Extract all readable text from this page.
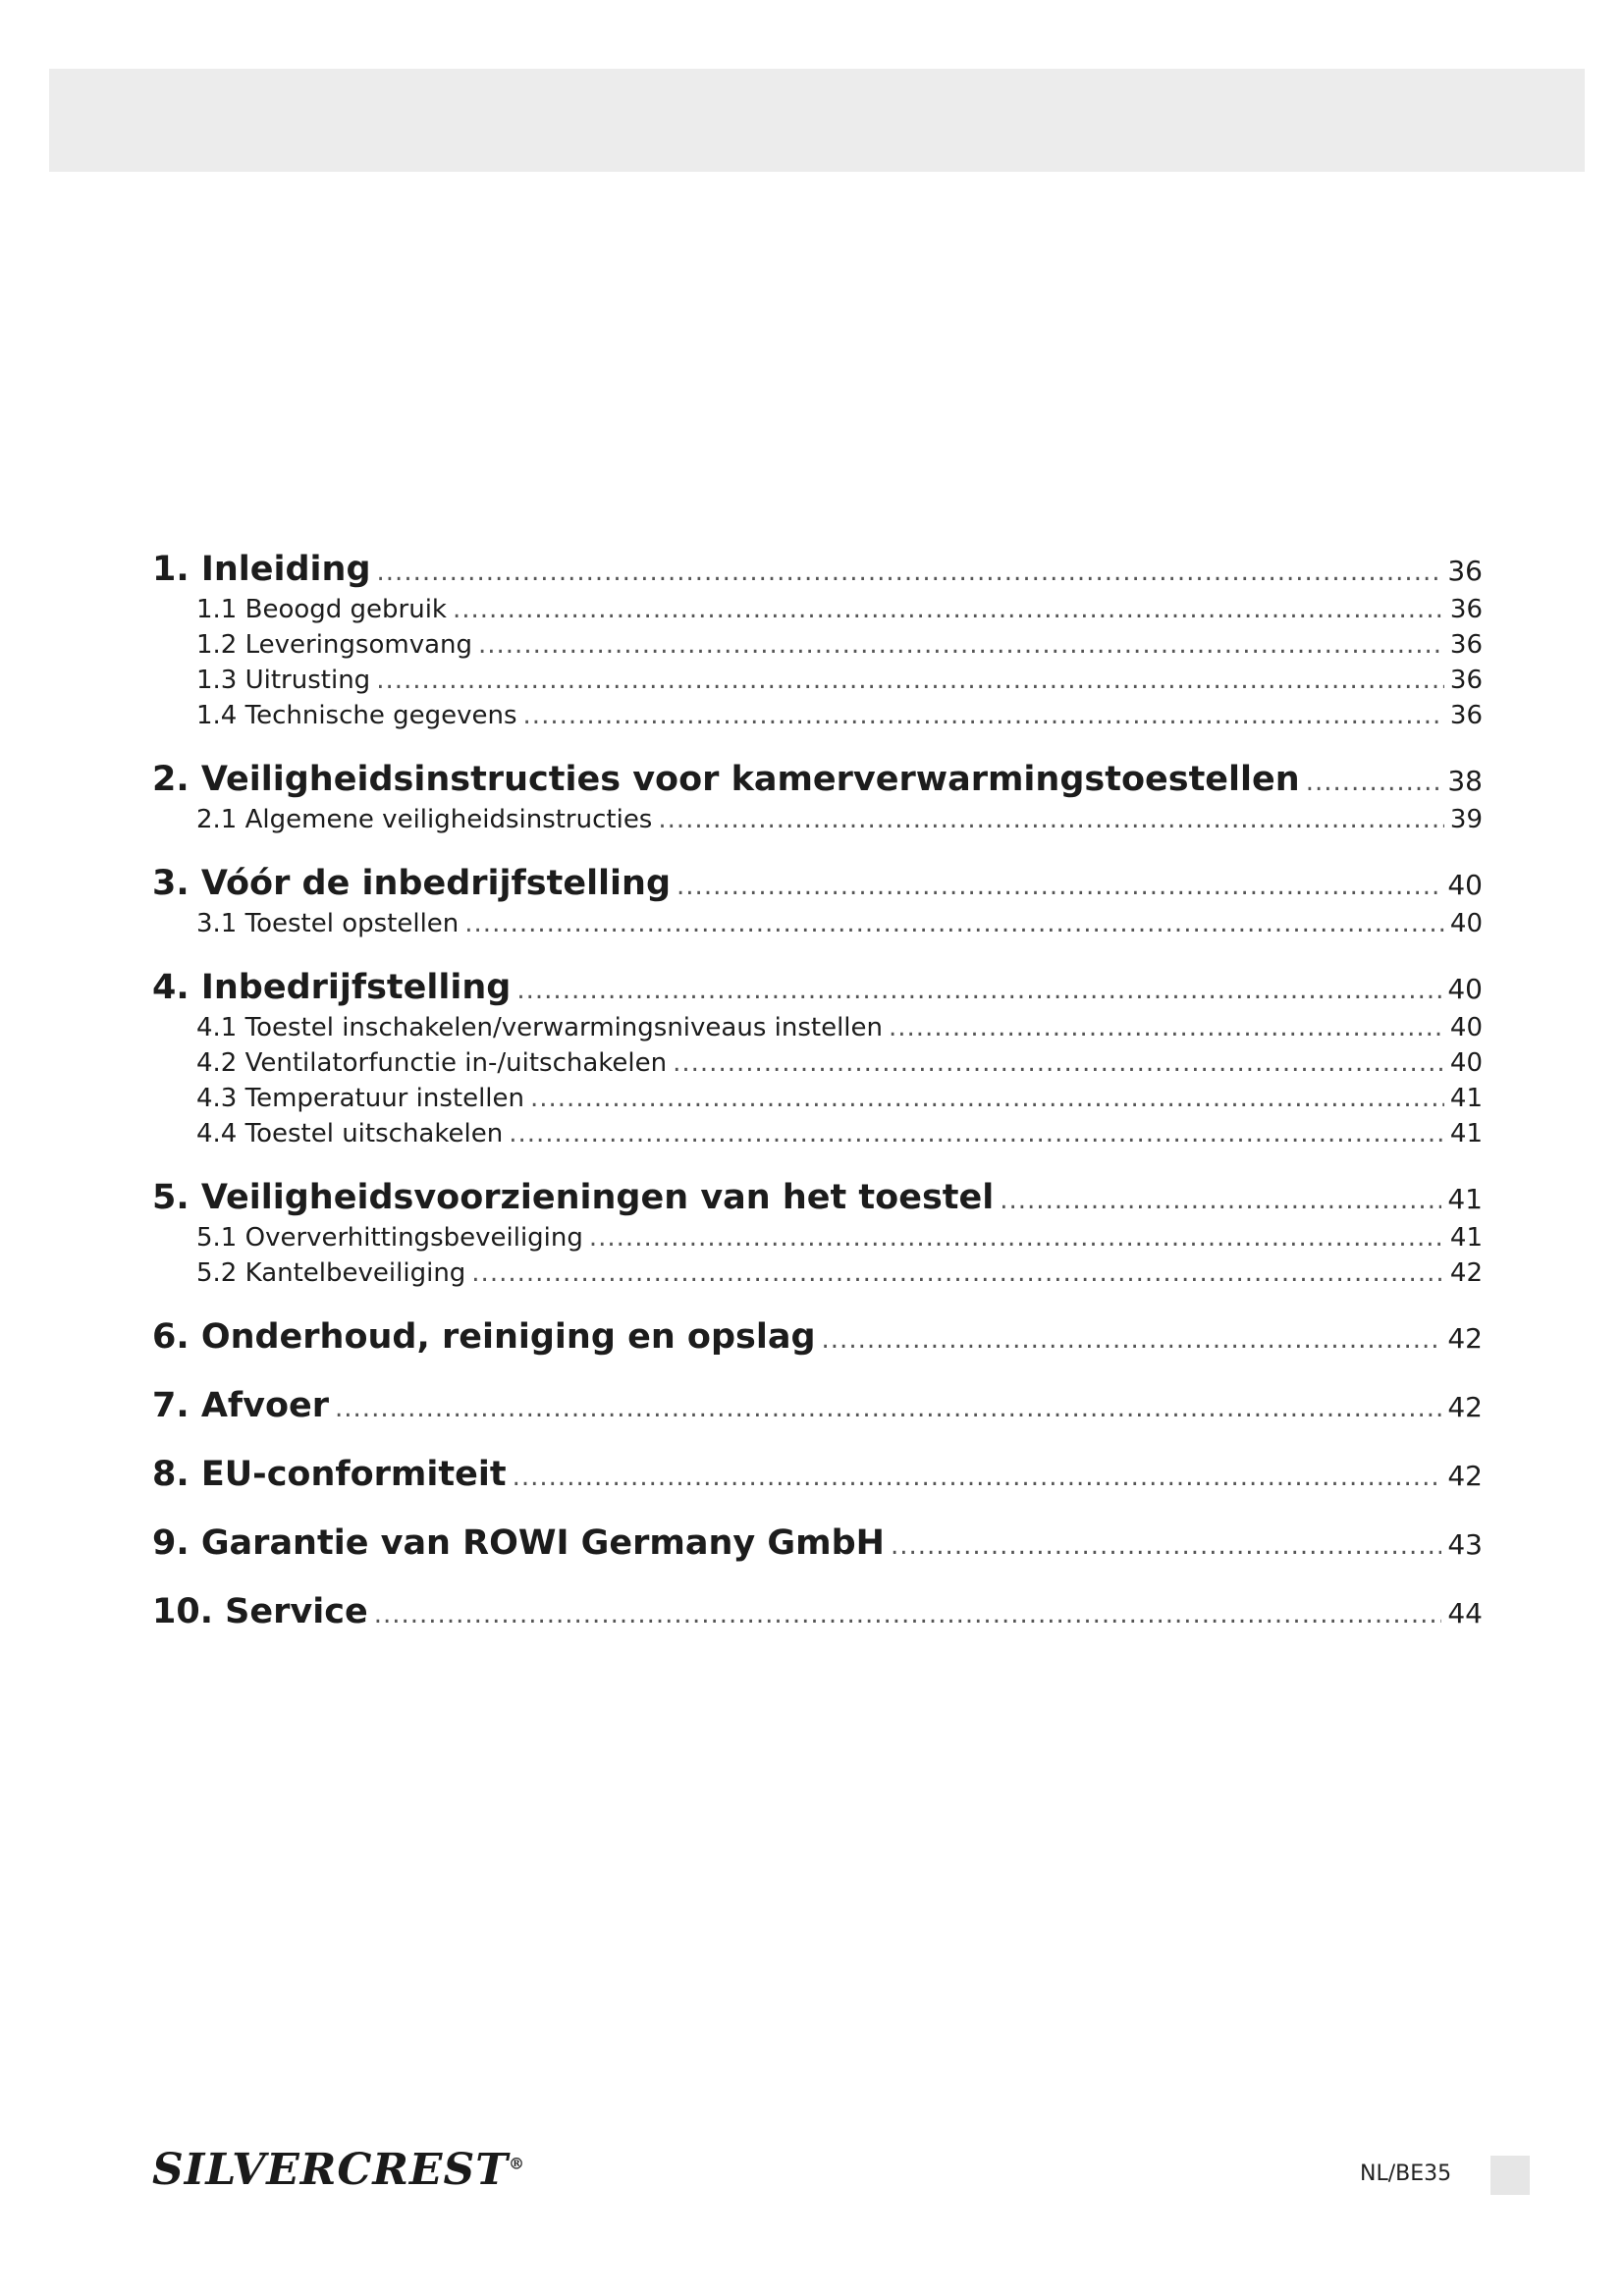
1. Inleiding .....	36
1.1 Beoogd gebruik .....	36
1.2 Leveringsomvang .....	36
1.3 Uitrusting .....	36
1.4 Technische gegevens .....	36
2. Veiligheidsinstructies voor kamerverwarmingstoestellen .....	38
2.1 Algemene veiligheidsinstructies .....	39
3. Vóór de inbedrijfstelling .....	40
3.1 Toestel opstellen .....	40
4. Inbedrijfstelling .....	40
4.1 Toestel inschakelen/verwarmingsniveaus instellen .....	40
4.2 Ventilatorfunctie in-/uitschakelen .....	40
4.3 Temperatuur instellen .....	41
4.4 Toestel uitschakelen .....	41
5. Veiligheidsvoorzieningen van het toestel .....	41
5.1 Oververhittingsbeveiliging .....	41
5.2 Kantelbeveiliging .....	42
6. Onderhoud, reiniging en opslag .....	42
7. Afvoer .....	42
8. EU-conformiteit .....	42
9. Garantie van ROWI Germany GmbH .....	43
10. Service .....	44
SILVERCREST®	NL/BE35
